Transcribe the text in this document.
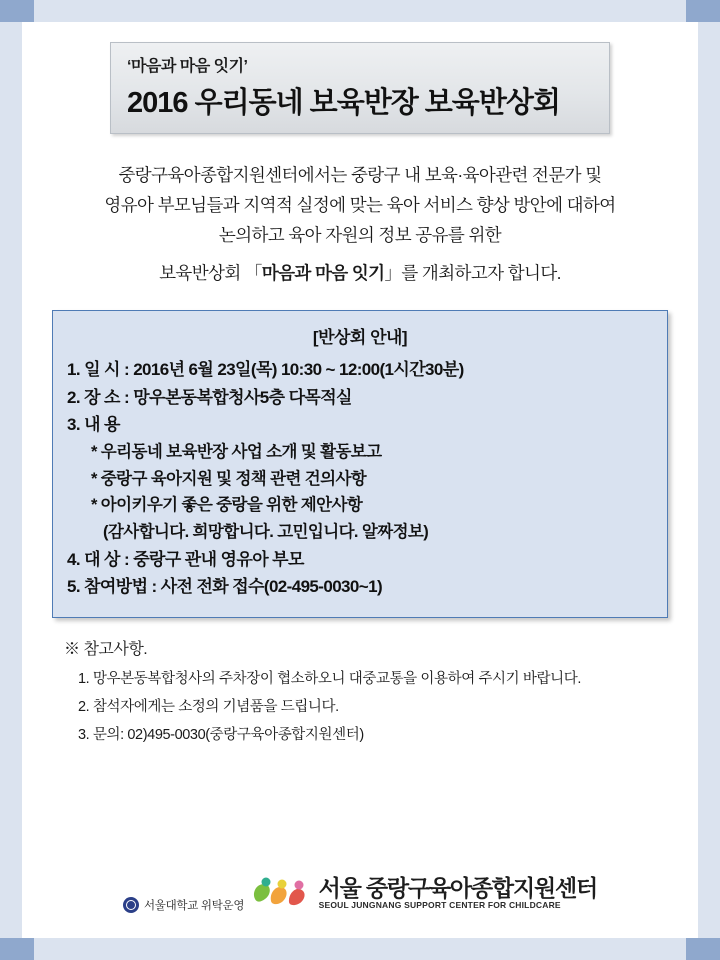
‘마음과 마음 잇기’
2016 우리동네 보육반장 보육반상회
중랑구육아종합지원센터에서는 중랑구 내 보육·육아관련 전문가 및
영유아 부모님들과 지역적 실정에 맞는 육아 서비스 향상 방안에 대하여
논의하고 육아 자원의 정보 공유를 위한
보육반상회 「마음과 마음 잇기」를 개최하고자 합니다.
[반상회 안내]
1. 일 시 : 2016년 6월 23일(목) 10:30 ~ 12:00(1시간30분)
2. 장 소 : 망우본동복합청사5층 다목적실
3. 내 용
* 우리동네 보육반장 사업 소개 및 활동보고
* 중랑구 육아지원 및 정책 관련 건의사항
* 아이키우기 좋은 중랑을 위한 제안사항
(감사합니다. 희망합니다. 고민입니다. 알짜정보)
4. 대 상 : 중랑구 관내 영유아 부모
5. 참여방법 : 사전 전화 접수(02-495-0030~1)
※ 참고사항.
1. 망우본동복합청사의 주차장이 협소하오니 대중교통을 이용하여 주시기 바랍니다.
2. 참석자에게는 소정의 기념품을 드립니다.
3. 문의: 02)495-0030(중랑구육아종합지원센터)
서울대학교 위탁운영

서울 중랑구육아종합지원센터
SEOUL JUNGNANG SUPPORT CENTER FOR CHILDCARE
